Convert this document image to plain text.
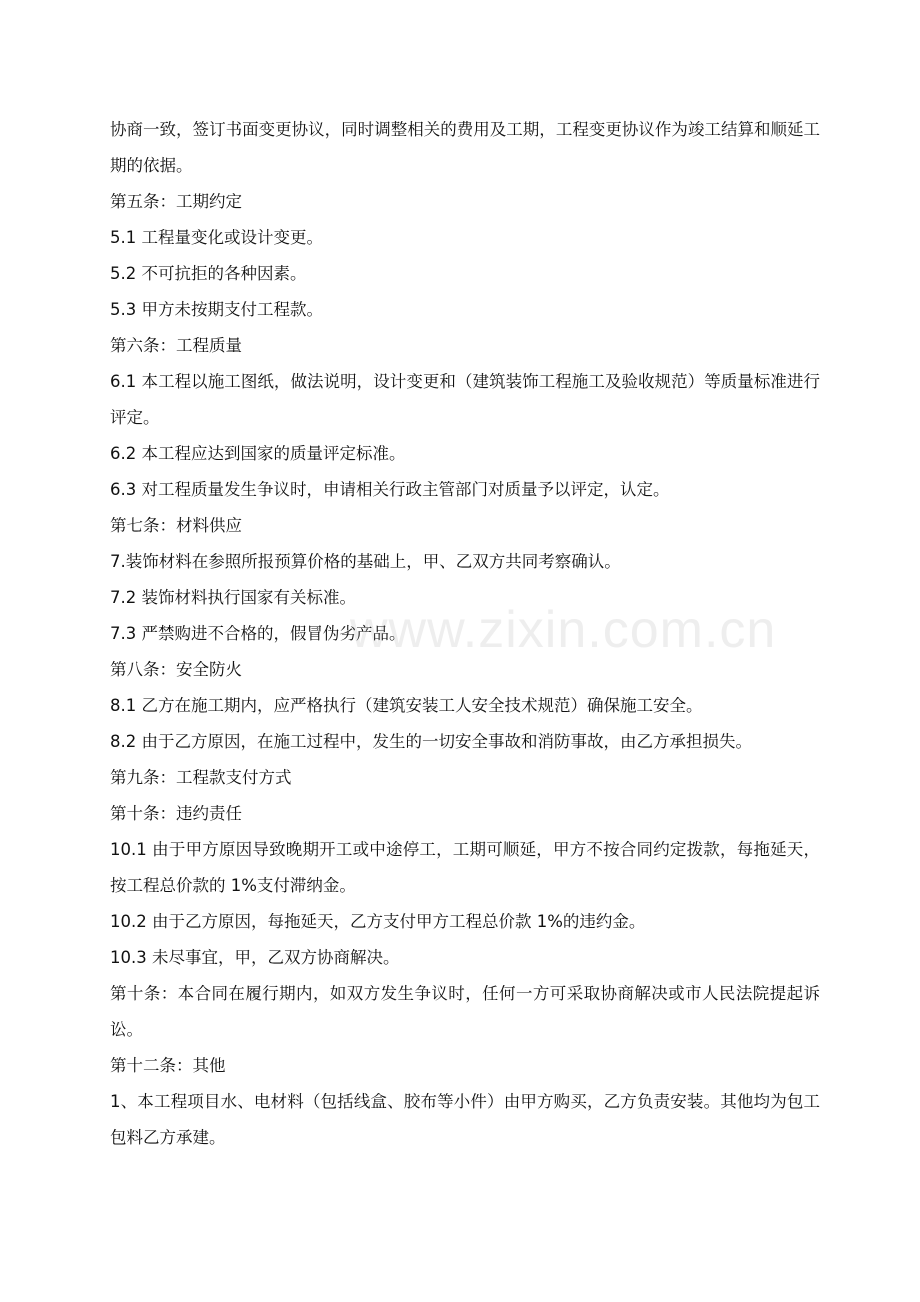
协商一致，签订书面变更协议，同时调整相关的费用及工期，工程变更协议作为竣工结算和顺延工期的依据。

第五条：工期约定

5.1 工程量变化或设计变更。

5.2 不可抗拒的各种因素。

5.3 甲方未按期支付工程款。

第六条：工程质量

6.1 本工程以施工图纸，做法说明，设计变更和（建筑装饰工程施工及验收规范）等质量标准进行评定。

6.2 本工程应达到国家的质量评定标准。

6.3 对工程质量发生争议时，申请相关行政主管部门对质量予以评定，认定。

第七条：材料供应

7.装饰材料在参照所报预算价格的基础上，甲、乙双方共同考察确认。

7.2 装饰材料执行国家有关标准。

7.3 严禁购进不合格的，假冒伪劣产品。

第八条：安全防火

8.1 乙方在施工期内，应严格执行（建筑安装工人安全技术规范）确保施工安全。

8.2 由于乙方原因，在施工过程中，发生的一切安全事故和消防事故，由乙方承担损失。

第九条：工程款支付方式

第十条：违约责任

10.1 由于甲方原因导致晚期开工或中途停工，工期可顺延，甲方不按合同约定拨款，每拖延天，按工程总价款的 1%支付滞纳金。

10.2 由于乙方原因，每拖延天，乙方支付甲方工程总价款 1%的违约金。

10.3 未尽事宜，甲，乙双方协商解决。

第十条：本合同在履行期内，如双方发生争议时，任何一方可采取协商解决或市人民法院提起诉讼。

第十二条：其他

1、本工程项目水、电材料（包括线盒、胶布等小件）由甲方购买，乙方负责安装。其他均为包工包料乙方承建。

www.zixin.com.cn
